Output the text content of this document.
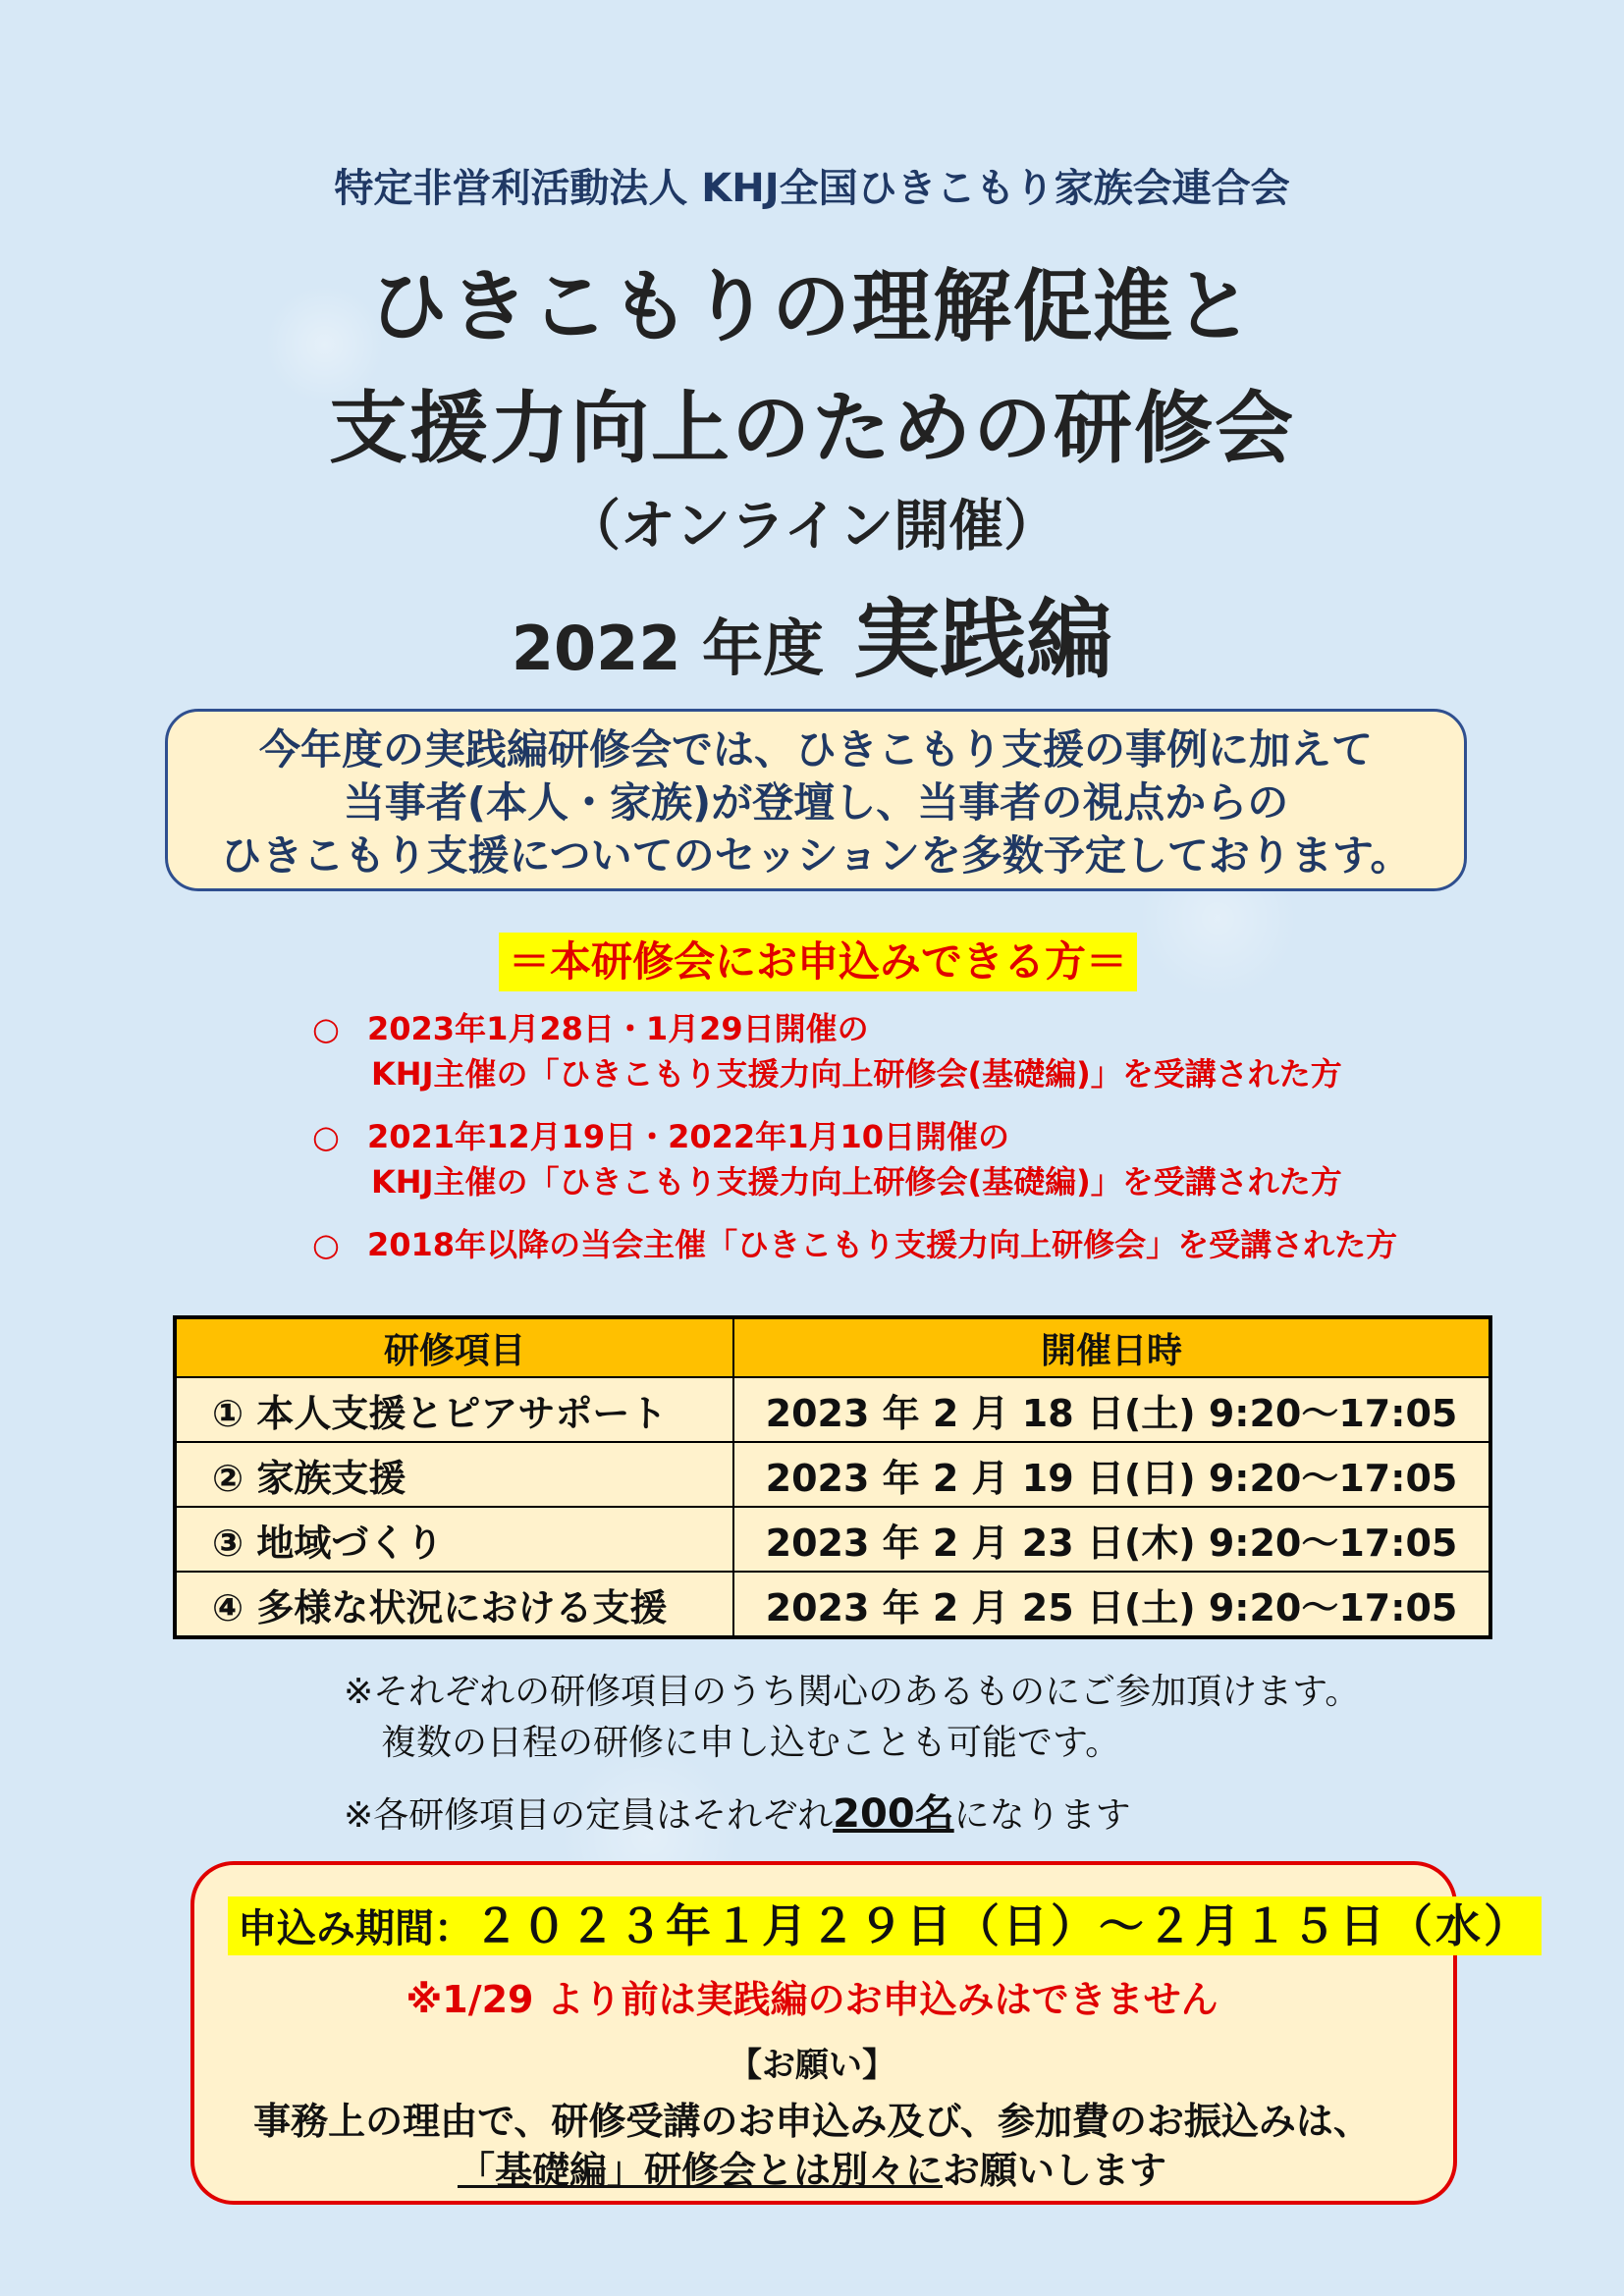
特定非営利活動法人 KHJ全国ひきこもり家族会連合会
ひきこもりの理解促進と
支援力向上のための研修会
（オンライン開催）
2022 年度 実践編
今年度の実践編研修会では、ひきこもり支援の事例に加えて
当事者(本人・家族)が登壇し、当事者の視点からの
ひきこもり支援についてのセッションを多数予定しております。
＝本研修会にお申込みできる方＝
○ 2023年1月28日・1月29日開催の
KHJ主催の「ひきこもり支援力向上研修会(基礎編)」を受講された方
○ 2021年12月19日・2022年1月10日開催の
KHJ主催の「ひきこもり支援力向上研修会(基礎編)」を受講された方
○ 2018年以降の当会主催「ひきこもり支援力向上研修会」を受講された方
研修項目	開催日時
① 本人支援とピアサポート	2023 年 2 月 18 日(土) 9:20～17:05
② 家族支援	2023 年 2 月 19 日(日) 9:20～17:05
③ 地域づくり	2023 年 2 月 23 日(木) 9:20～17:05
④ 多様な状況における支援	2023 年 2 月 25 日(土) 9:20～17:05
※それぞれの研修項目のうち関心のあるものにご参加頂けます。
複数の日程の研修に申し込むことも可能です。
※各研修項目の定員はそれぞれ200名になります
申込み期間：２０２３年１月２９日（日）～２月１５日（水）
※1/29 より前は実践編のお申込みはできません
【お願い】
事務上の理由で、研修受講のお申込み及び、参加費のお振込みは、
「基礎編」研修会とは別々にお願いします
